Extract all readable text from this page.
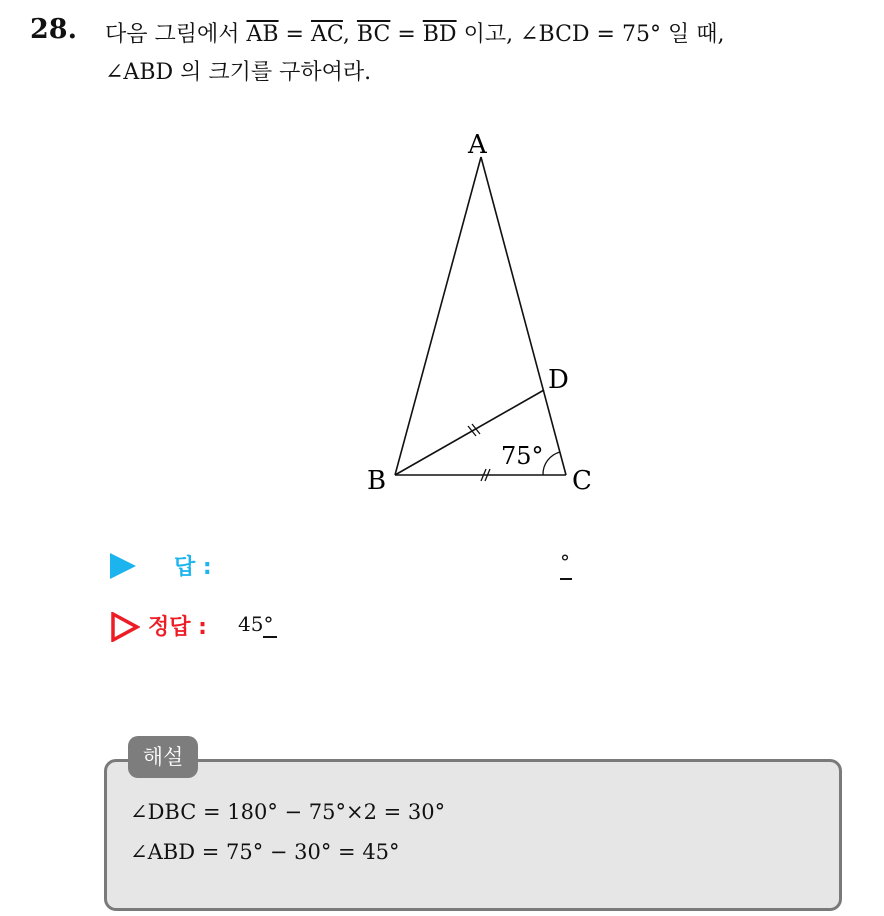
28. 다음 그림에서 $\overline{AB} = \overline{AC}$, $\overline{BC} = \overline{BD}$ 이고, ∠BCD = 75° 일 때,
∠ABD 의 크기를 구하여라.
A
B	C
D
75°
답 :	°
정답 : 45°
해설
∠DBC = 180° − 75°×2 = 30°
∠ABD = 75° − 30° = 45°
